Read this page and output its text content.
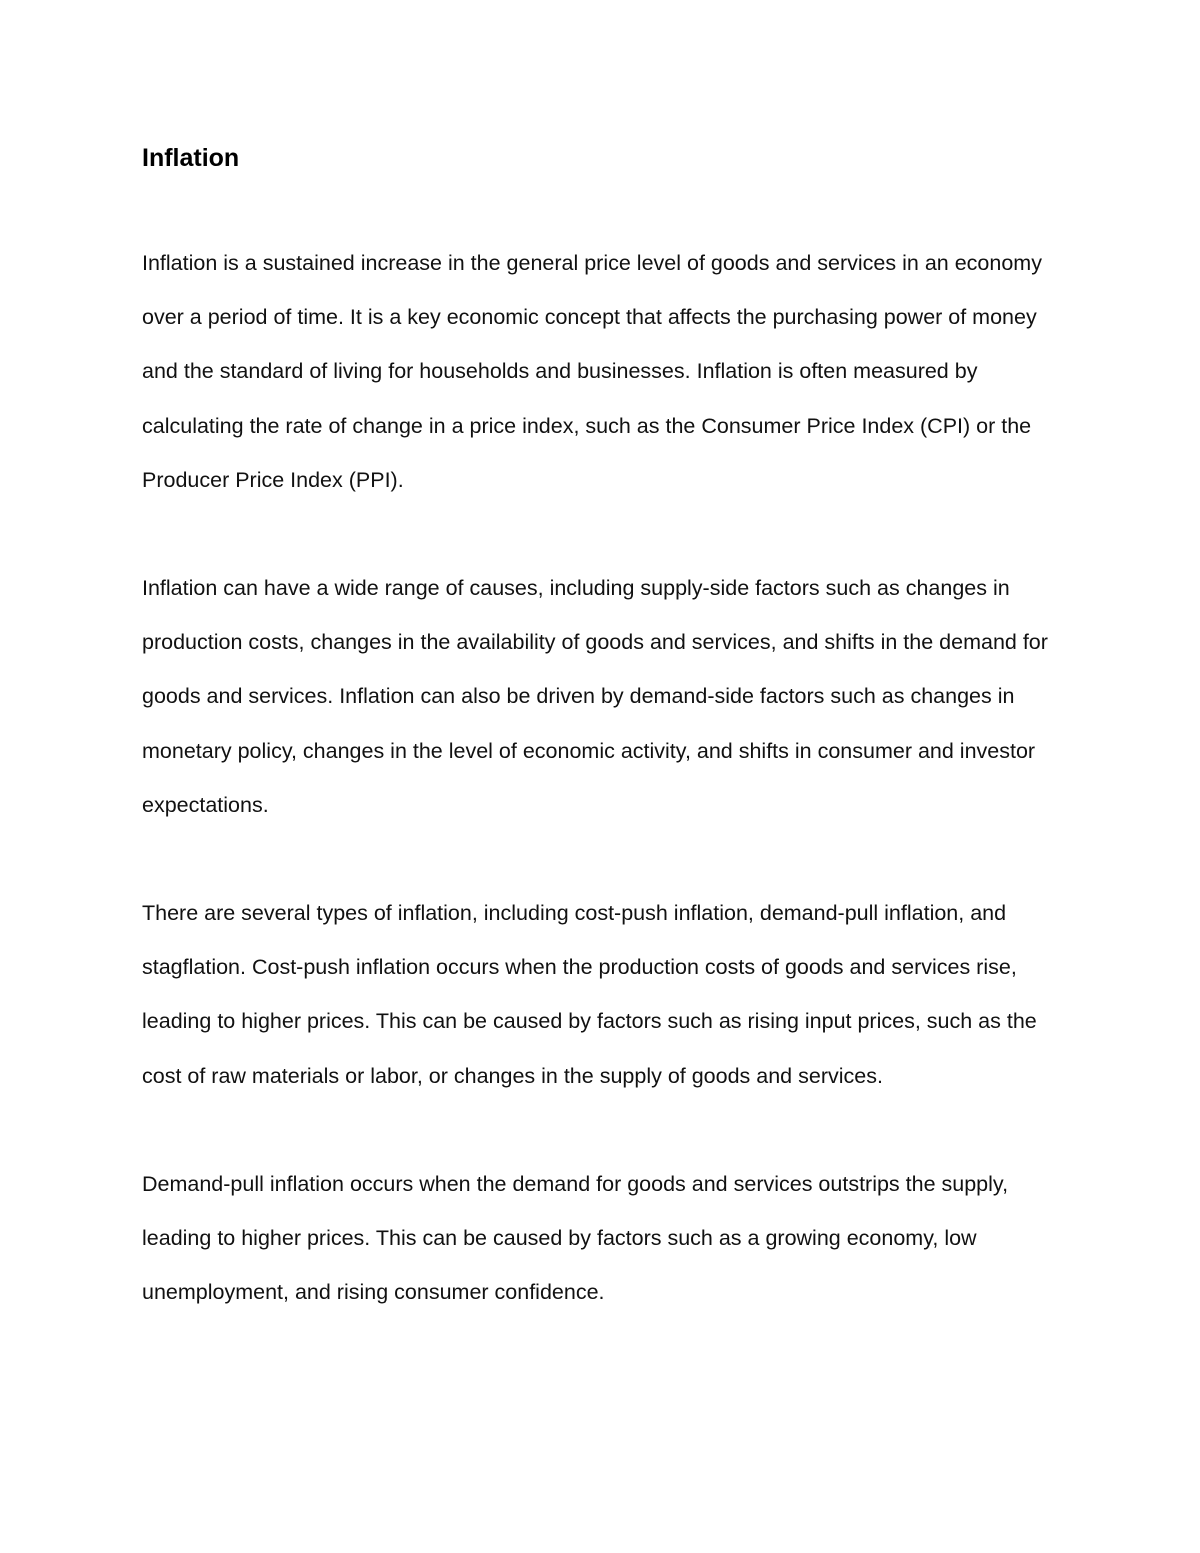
Inflation

Inflation is a sustained increase in the general price level of goods and services in an economy over a period of time. It is a key economic concept that affects the purchasing power of money and the standard of living for households and businesses. Inflation is often measured by calculating the rate of change in a price index, such as the Consumer Price Index (CPI) or the Producer Price Index (PPI).

Inflation can have a wide range of causes, including supply-side factors such as changes in production costs, changes in the availability of goods and services, and shifts in the demand for goods and services. Inflation can also be driven by demand-side factors such as changes in monetary policy, changes in the level of economic activity, and shifts in consumer and investor expectations.

There are several types of inflation, including cost-push inflation, demand-pull inflation, and stagflation. Cost-push inflation occurs when the production costs of goods and services rise, leading to higher prices. This can be caused by factors such as rising input prices, such as the cost of raw materials or labor, or changes in the supply of goods and services.

Demand-pull inflation occurs when the demand for goods and services outstrips the supply, leading to higher prices. This can be caused by factors such as a growing economy, low unemployment, and rising consumer confidence.
